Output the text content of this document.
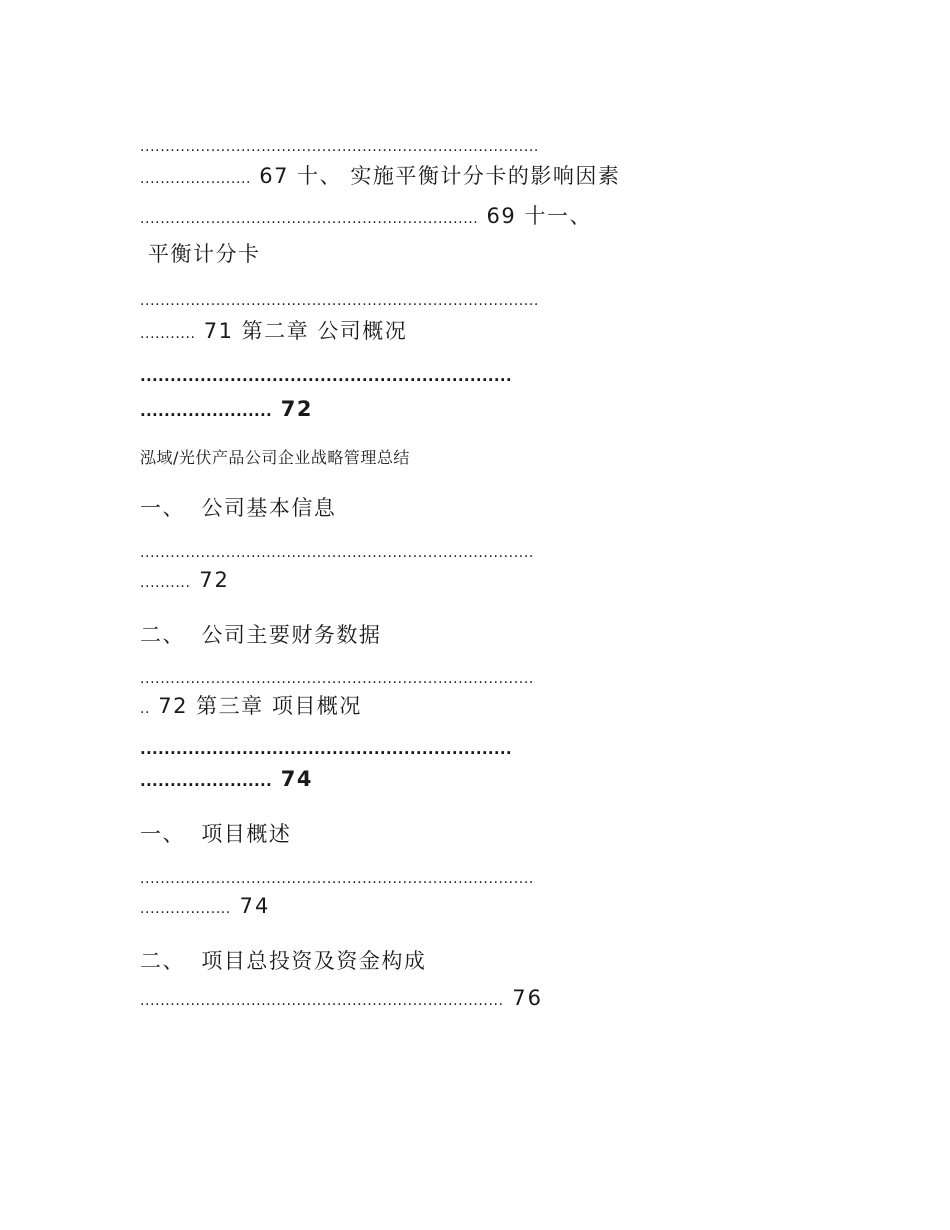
...............................................................................
...................... 67 十、 实施平衡计分卡的影响因素
................................................................... 69 十一、
平衡计分卡
...............................................................................
........... 71 第二章 公司概况
..............................................................
...................... 72
泓域/光伏产品公司企业战略管理总结
一、  公司基本信息
..............................................................................
.......... 72
二、  公司主要财务数据
..............................................................................
.. 72 第三章 项目概况
..............................................................
...................... 74
一、  项目概述
..............................................................................
.................. 74
二、  项目总投资及资金构成
........................................................................ 76
